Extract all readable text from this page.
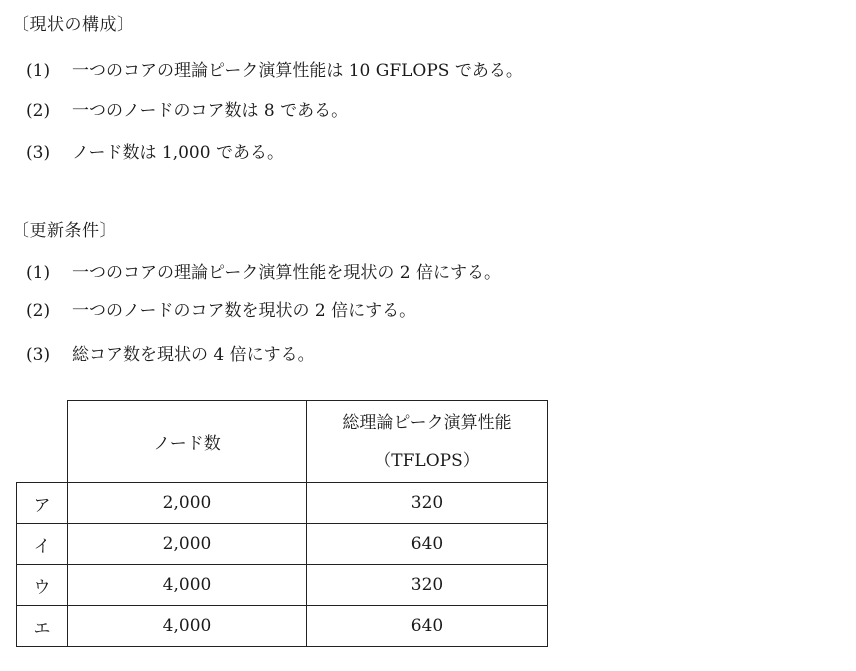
〔現状の構成〕
(1) 一つのコアの理論ピーク演算性能は 10 GFLOPS である。
(2) 一つのノードのコア数は 8 である。
(3) ノード数は 1,000 である。
〔更新条件〕
(1) 一つのコアの理論ピーク演算性能を現状の 2 倍にする。
(2) 一つのノードのコア数を現状の 2 倍にする。
(3) 総コア数を現状の 4 倍にする。
	ノード数	総理論ピーク演算性能
（TFLOPS）

ア	2,000	320
イ	2,000	640
ウ	4,000	320
エ	4,000	640
